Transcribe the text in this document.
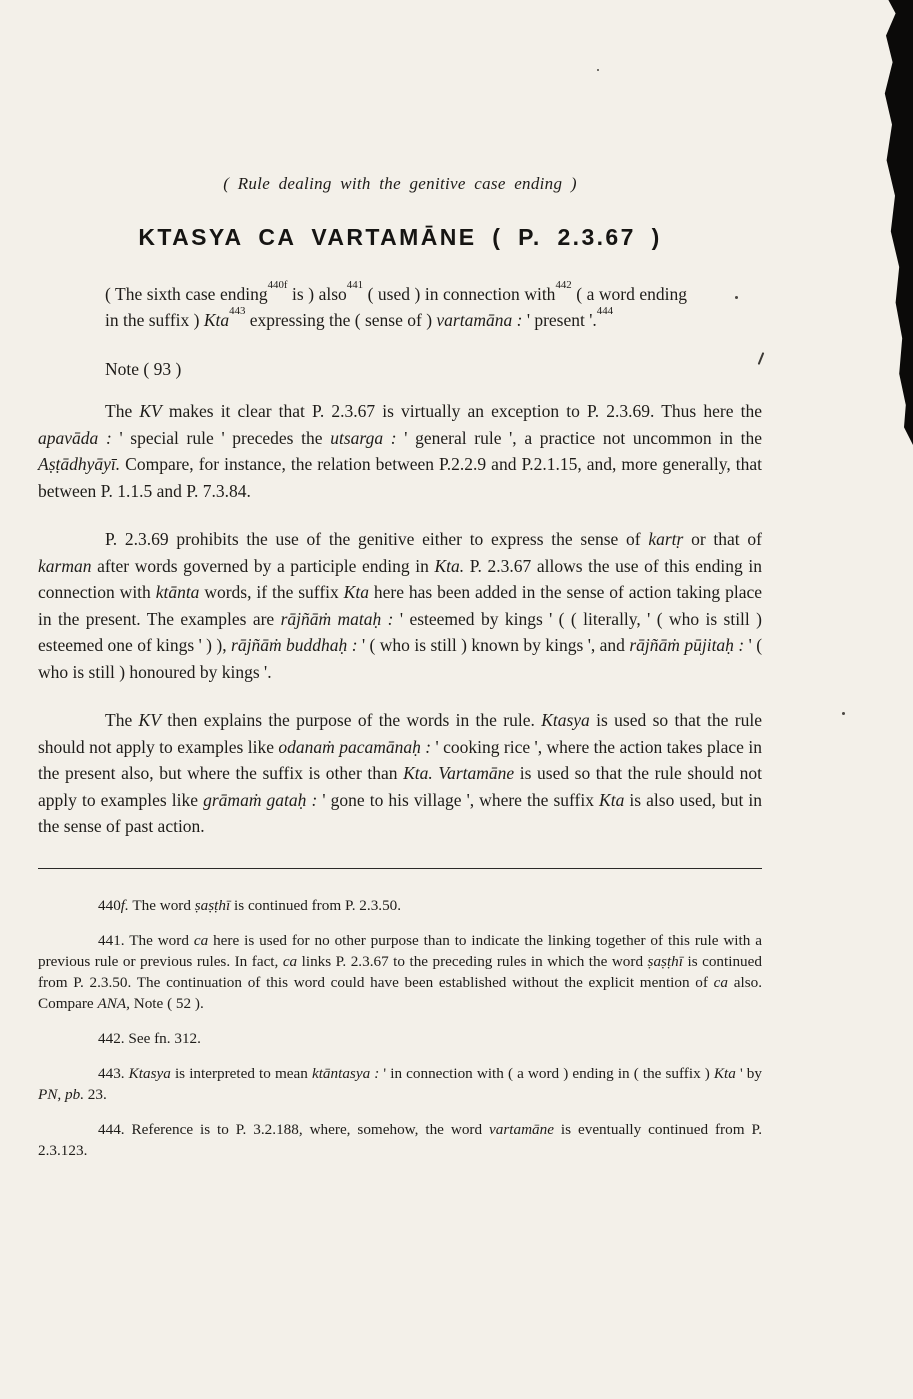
( Rule dealing with the genitive case ending )

KTASYA CA VARTAMĀNE ( P. 2.3.67 )

( The sixth case ending$^{440f}$ is ) also$^{441}$ ( used ) in connection with$^{442}$ ( a word ending in the suffix ) Kta$^{443}$ expressing the ( sense of ) vartamāna : ' present '.$^{444}$

Note ( 93 )

The KV makes it clear that P. 2.3.67 is virtually an exception to P. 2.3.69. Thus here the apavāda : ' special rule ' precedes the utsarga : ' general rule ', a practice not uncommon in the Aṣṭādhyāyī. Compare, for instance, the relation between P.2.2.9 and P.2.1.15, and, more generally, that between P. 1.1.5 and P. 7.3.84.

P. 2.3.69 prohibits the use of the genitive either to express the sense of kartṛ or that of karman after words governed by a participle ending in Kta. P. 2.3.67 allows the use of this ending in connection with ktānta words, if the suffix Kta here has been added in the sense of action taking place in the present. The examples are rājñāṁ mataḥ : ' esteemed by kings ' ( ( literally, ' ( who is still ) esteemed one of kings ' ) ), rājñāṁ buddhaḥ : ' ( who is still ) known by kings ', and rājñāṁ pūjitaḥ : ' ( who is still ) honoured by kings '.

The KV then explains the purpose of the words in the rule. Ktasya is used so that the rule should not apply to examples like odanaṁ pacamānaḥ : ' cooking rice ', where the action takes place in the present also, but where the suffix is other than Kta. Vartamāne is used so that the rule should not apply to examples like grāmaṁ gataḥ : ' gone to his village ', where the suffix Kta is also used, but in the sense of past action.

440f. The word ṣaṣṭhī is continued from P. 2.3.50.

441. The word ca here is used for no other purpose than to indicate the linking together of this rule with a previous rule or previous rules. In fact, ca links P. 2.3.67 to the preceding rules in which the word ṣaṣṭhī is continued from P. 2.3.50. The continuation of this word could have been established without the explicit mention of ca also. Compare ANA, Note ( 52 ).

442. See fn. 312.

443. Ktasya is interpreted to mean ktāntasya : ' in connection with ( a word ) ending in ( the suffix ) Kta ' by PN, pb. 23.

444. Reference is to P. 3.2.188, where, somehow, the word vartamāne is eventually continued from P. 2.3.123.
